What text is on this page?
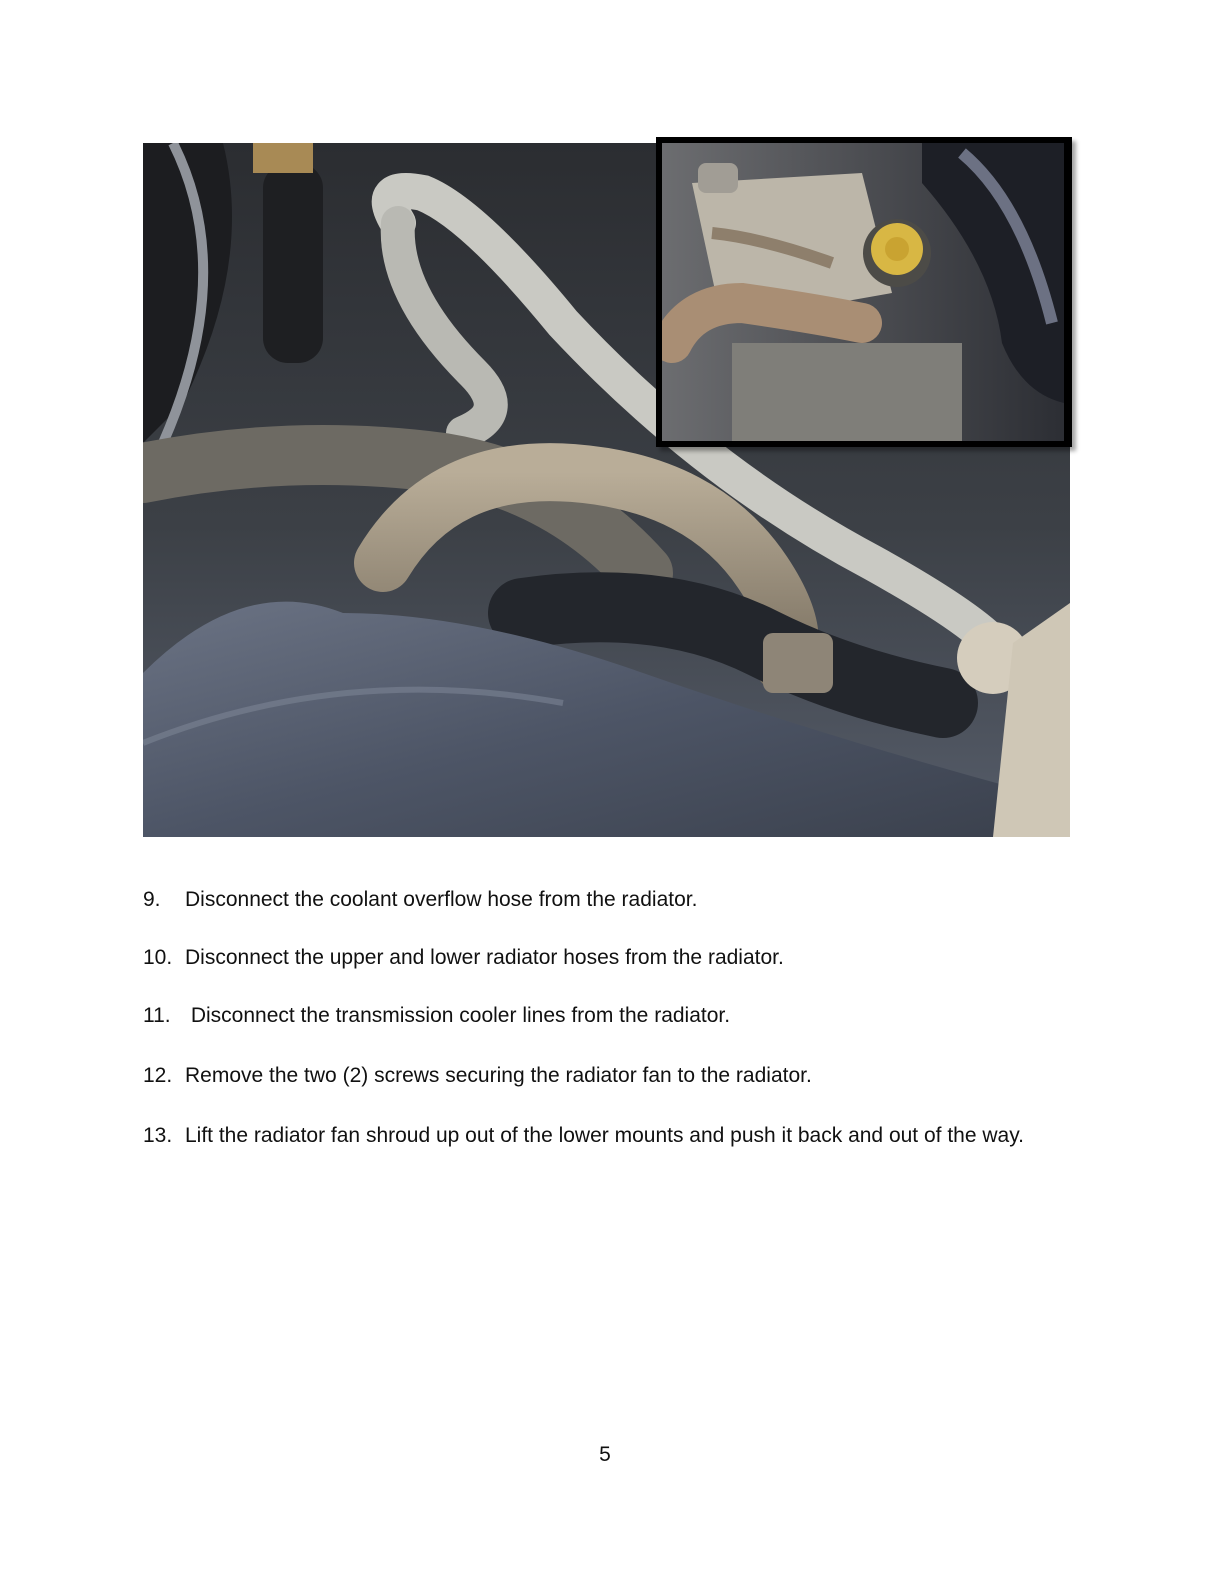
9.	Disconnect the coolant overflow hose from the radiator.
10. Disconnect the upper and lower radiator hoses from the radiator.
11. Disconnect the transmission cooler lines from the radiator.
12. Remove the two (2) screws securing the radiator fan to the radiator.
13. Lift the radiator fan shroud up out of the lower mounts and push it back and out of the way.
5
